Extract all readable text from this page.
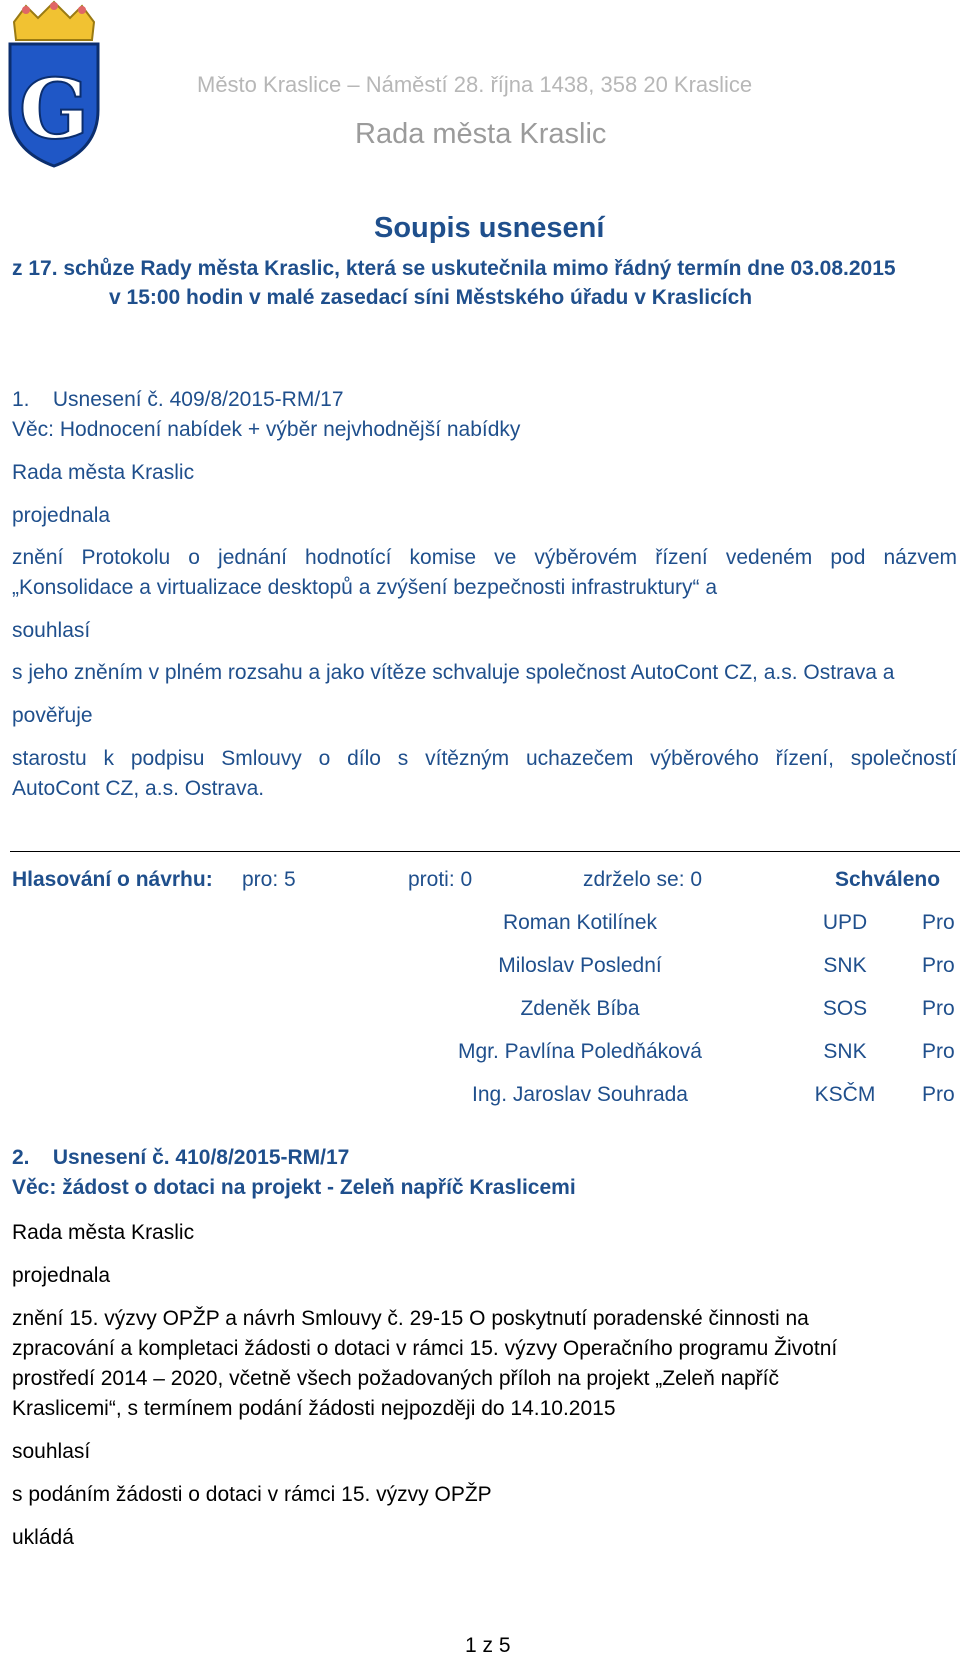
G	Město Kraslice – Náměstí 28. října 1438, 358 20 Kraslice
Rada města Kraslic
Soupis usnesení
z 17. schůze Rady města Kraslic, která se uskutečnila mimo řádný termín dne 03.08.2015
v 15:00 hodin v malé zasedací síni Městského úřadu v Kraslicích
1. Usnesení č. 409/8/2015-RM/17
Věc: Hodnocení nabídek + výběr nejvhodnější nabídky
Rada města Kraslic
projednala
znění Protokolu o jednání hodnotící komise ve výběrovém řízení vedeném pod názvem
„Konsolidace a virtualizace desktopů a zvýšení bezpečnosti infrastruktury“ a
souhlasí
s jeho zněním v plném rozsahu a jako vítěze schvaluje společnost AutoCont CZ, a.s. Ostrava a
pověřuje
starostu k podpisu Smlouvy o dílo s vítězným uchazečem výběrového řízení, společností
AutoCont CZ, a.s. Ostrava.
Hlasování o návrhu: pro: 5	proti: 0	zdrželo se: 0	Schváleno
Roman Kotilínek	UPD	Pro
Miloslav Poslední	SNK	Pro
Zdeněk Bíba	SOS	Pro
Mgr. Pavlína Poledňáková	SNK	Pro
Ing. Jaroslav Souhrada	KSČM	Pro
2. Usnesení č. 410/8/2015-RM/17
Věc: žádost o dotaci na projekt - Zeleň napříč Kraslicemi
Rada města Kraslic
projednala
znění 15. výzvy OPŽP a návrh Smlouvy č. 29-15 O poskytnutí poradenské činnosti na
zpracování a kompletaci žádosti o dotaci v rámci 15. výzvy Operačního programu Životní
prostředí 2014 – 2020, včetně všech požadovaných příloh na projekt „Zeleň napříč
Kraslicemi“, s termínem podání žádosti nejpozději do 14.10.2015
souhlasí
s podáním žádosti o dotaci v rámci 15. výzvy OPŽP
ukládá
1 z 5
